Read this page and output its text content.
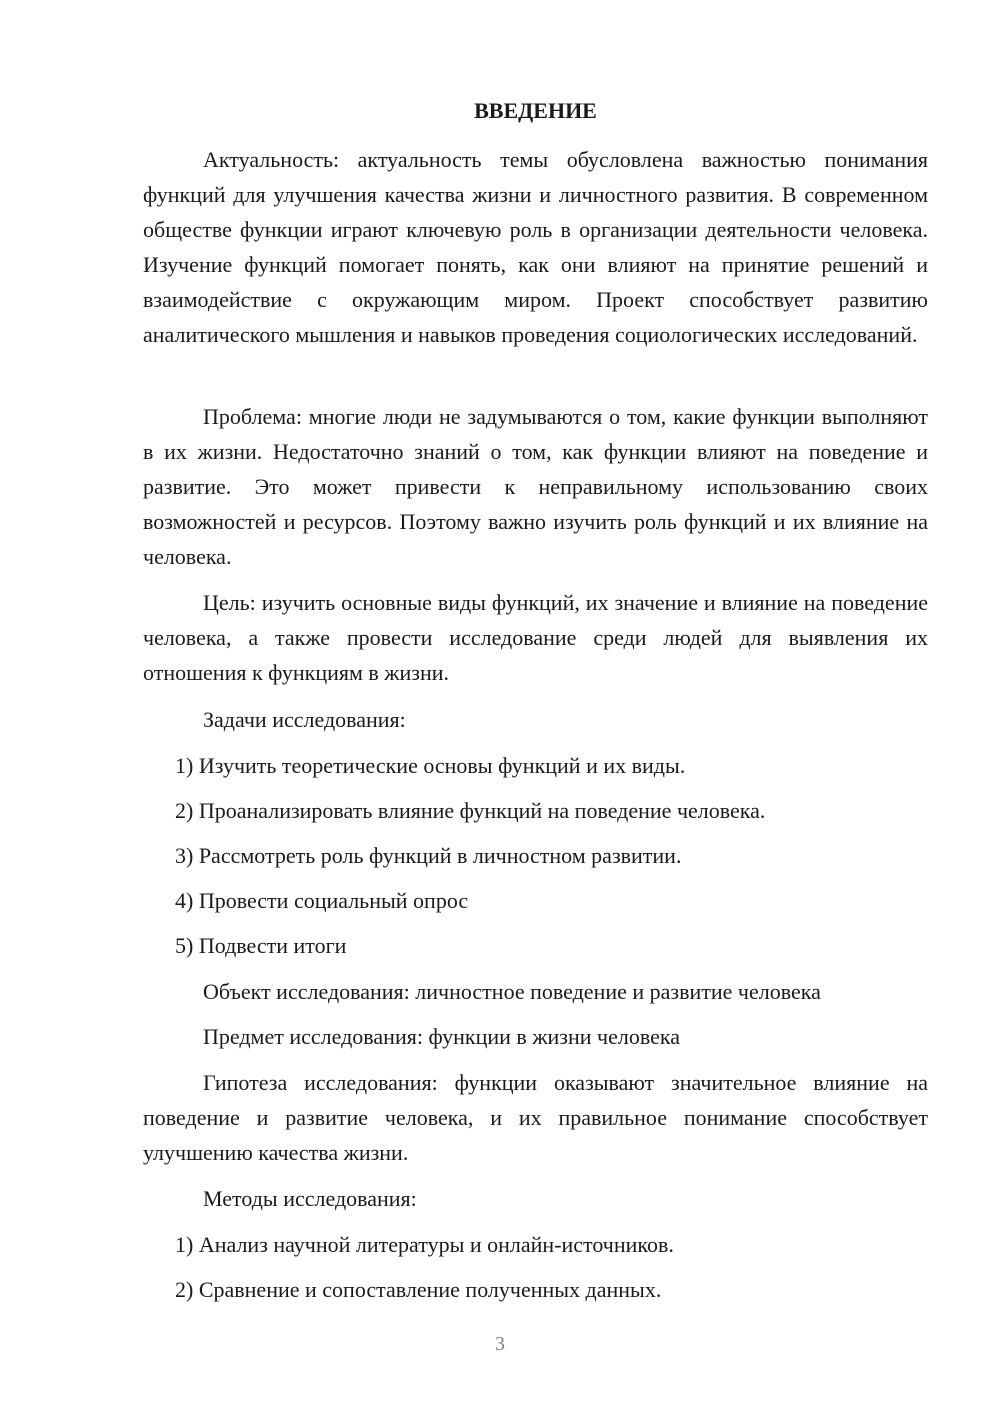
ВВЕДЕНИЕ

Актуальность: актуальность темы обусловлена важностью понимания функций для улучшения качества жизни и личностного развития. В современном обществе функции играют ключевую роль в организации деятельности человека. Изучение функций помогает понять, как они влияют на принятие решений и взаимодействие с окружающим миром. Проект способствует развитию аналитического мышления и навыков проведения социологических исследований.

Проблема: многие люди не задумываются о том, какие функции выполняют в их жизни. Недостаточно знаний о том, как функции влияют на поведение и развитие. Это может привести к неправильному использованию своих возможностей и ресурсов. Поэтому важно изучить роль функций и их влияние на человека.

Цель: изучить основные виды функций, их значение и влияние на поведение человека, а также провести исследование среди людей для выявления их отношения к функциям в жизни.

Задачи исследования:

1) Изучить теоретические основы функций и их виды.

2) Проанализировать влияние функций на поведение человека.

3) Рассмотреть роль функций в личностном развитии.

4) Провести социальный опрос

5) Подвести итоги

Объект исследования: личностное поведение и развитие человека

Предмет исследования: функции в жизни человека

Гипотеза исследования: функции оказывают значительное влияние на поведение и развитие человека, и их правильное понимание способствует улучшению качества жизни.

Методы исследования:

1) Анализ научной литературы и онлайн-источников.

2) Сравнение и сопоставление полученных данных.

3
